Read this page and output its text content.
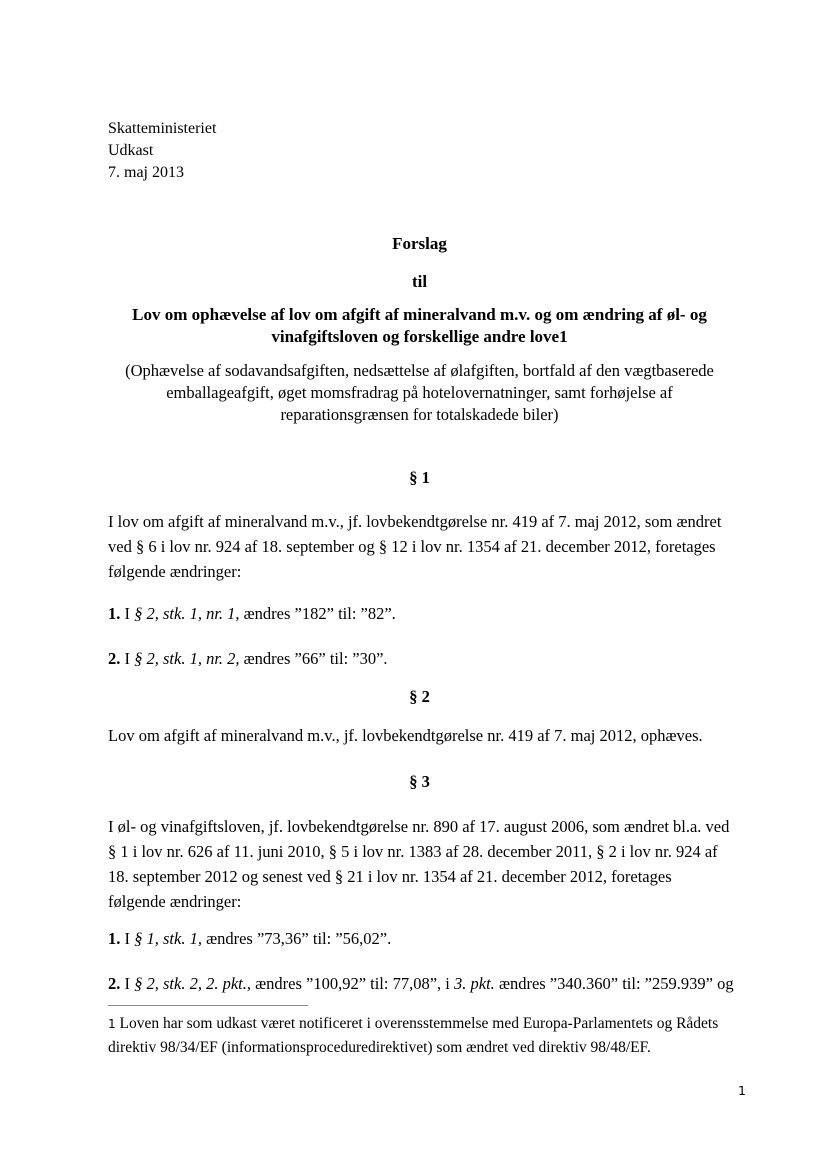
Skatteministeriet
Udkast
7. maj 2013
Forslag
til
Lov om ophævelse af lov om afgift af mineralvand m.v. og om ændring af øl- og vinafgiftsloven og forskellige andre love1
(Ophævelse af sodavandsafgiften, nedsættelse af ølafgiften, bortfald af den vægtbaserede emballageafgift, øget momsfradrag på hotelovernatninger, samt forhøjelse af reparationsgrænsen for totalskadede biler)
§ 1
I lov om afgift af mineralvand m.v., jf. lovbekendtgørelse nr. 419 af 7. maj 2012, som ændret ved § 6 i lov nr. 924 af 18. september og § 12 i lov nr. 1354 af 21. december 2012, foretages følgende ændringer:
1. I § 2, stk. 1, nr. 1, ændres ”182” til: ”82”.
2. I § 2, stk. 1, nr. 2, ændres ”66” til: ”30”.
§ 2
Lov om afgift af mineralvand m.v., jf. lovbekendtgørelse nr. 419 af 7. maj 2012, ophæves.
§ 3
I øl- og vinafgiftsloven, jf. lovbekendtgørelse nr. 890 af 17. august 2006, som ændret bl.a. ved § 1 i lov nr. 626 af 11. juni 2010, § 5 i lov nr. 1383 af 28. december 2011, § 2 i lov nr. 924 af 18. september 2012 og senest ved § 21 i lov nr. 1354 af 21. december 2012, foretages følgende ændringer:
1. I § 1, stk. 1, ændres ”73,36” til: ”56,02”.
2. I § 2, stk. 2, 2. pkt., ændres ”100,92” til: 77,08”, i 3. pkt. ændres ”340.360” til: ”259.939” og
1 Loven har som udkast været notificeret i overensstemmelse med Europa-Parlamentets og Rådets direktiv 98/34/EF (informationsproceduredirektivet) som ændret ved direktiv 98/48/EF.
1
